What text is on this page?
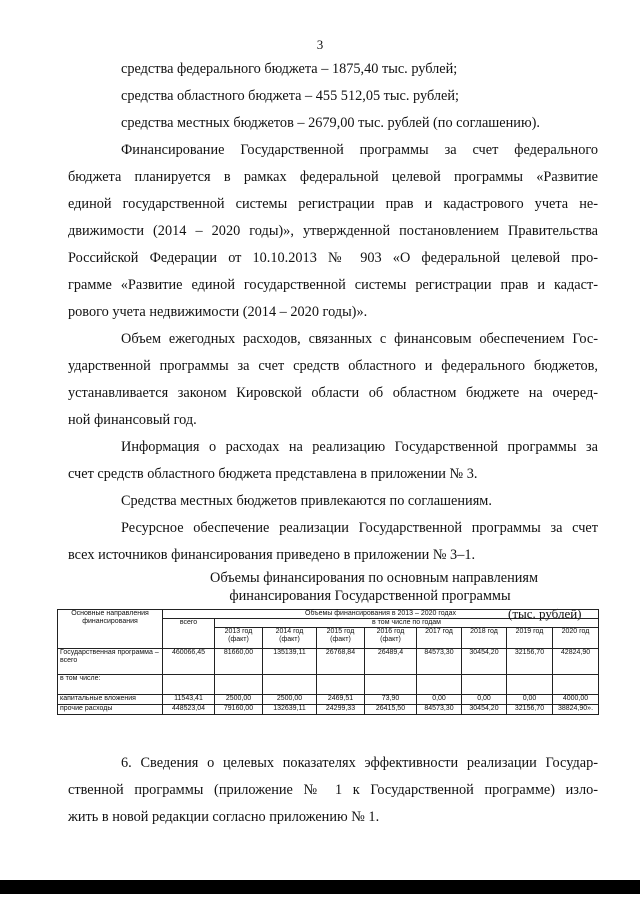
3
средства федерального бюджета – 1875,40 тыс. рублей;
средства областного бюджета – 455 512,05 тыс. рублей;
средства местных бюджетов – 2679,00 тыс. рублей (по соглашению).
Финансирование Государственной программы за счет федерального
бюджета планируется в рамках федеральной целевой программы «Развитие
единой государственной системы регистрации прав и кадастрового учета не-
движимости (2014 – 2020 годы)», утвержденной постановлением Правительства
Российской Федерации от 10.10.2013 № 903 «О федеральной целевой про-
грамме «Развитие единой государственной системы регистрации прав и кадаст-
рового учета недвижимости (2014 – 2020 годы)».
Объем ежегодных расходов, связанных с финансовым обеспечением Гос-
ударственной программы за счет средств областного и федерального бюджетов,
устанавливается законом Кировской области об областном бюджете на очеред-
ной финансовый год.
Информация о расходах на реализацию Государственной программы за
счет средств областного бюджета представлена в приложении № 3.
Средства местных бюджетов привлекаются по соглашениям.
Ресурсное обеспечение реализации Государственной программы за счет
всех источников финансирования приведено в приложении № 3–1.
Объемы финансирования по основным направлениям
финансирования Государственной программы
(тыс. рублей)
Основные направления финансирования	Объемы финансирования в 2013 – 2020 годах								
	всего	в том числе по годам							
		2013 год (факт)	2014 год (факт)	2015 год (факт)	2016 год (факт)	2017 год	2018 год	2019 год	2020 год
Государственная программа – всего	460066,45	81660,00	135139,11	26768,84	26489,4	84573,30	30454,20	32156,70	42824,90
в том числе:									
капитальные вложения	11543,41	2500,00	2500,00	2469,51	73,90	0,00	0,00	0,00	4000,00
прочие расходы	448523,04	79160,00	132639,11	24299,33	26415,50	84573,30	30454,20	32156,70	38824,90».
6. Сведения о целевых показателях эффективности реализации Государ-
ственной программы (приложение № 1 к Государственной программе) изло-
жить в новой редакции согласно приложению № 1.
